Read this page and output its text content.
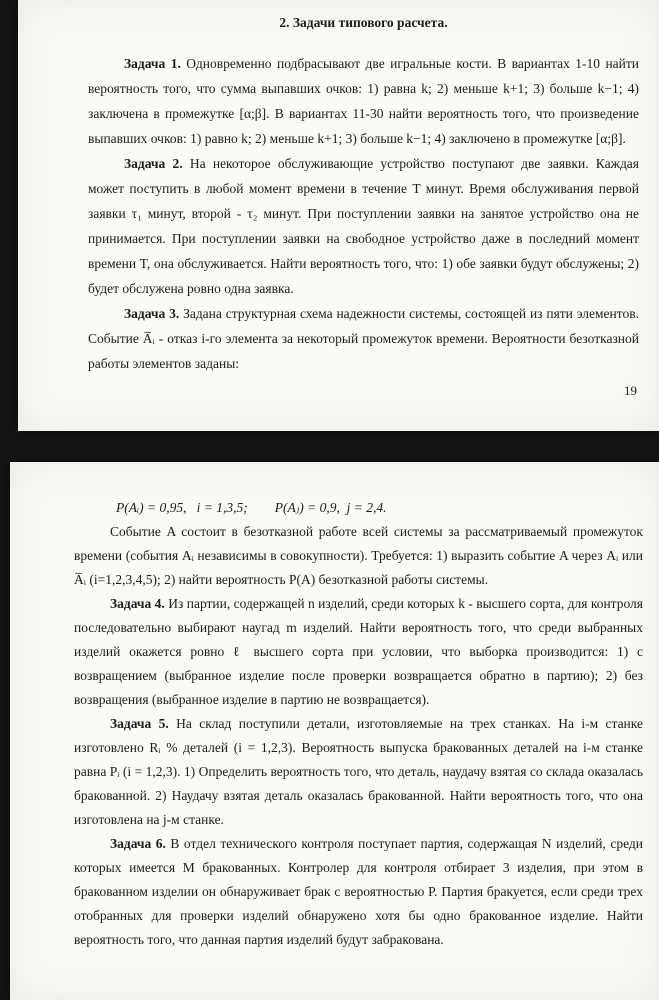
2. Задачи типового расчета.

Задача 1. Одновременно подбрасывают две игральные кости. В вариантах 1-10 найти вероятность того, что сумма выпавших очков: 1) равна k; 2) меньше k+1; 3) больше k−1; 4) заключена в промежутке [α;β]. В вариантах 11-30 найти вероятность того, что произведение выпавших очков: 1) равно k; 2) меньше k+1; 3) больше k−1; 4) заключено в промежутке [α;β].

Задача 2. На некоторое обслуживающие устройство поступают две заявки. Каждая может поступить в любой момент времени в течение T минут. Время обслуживания первой заявки τ₁ минут, второй - τ₂ минут. При поступлении заявки на занятое устройство она не принимается. При поступлении заявки на свободное устройство даже в последний момент времени T, она обслуживается. Найти вероятность того, что: 1) обе заявки будут обслужены; 2) будет обслужена ровно одна заявка.

Задача 3. Задана структурная схема надежности системы, состоящей из пяти элементов. Событие A̅ᵢ - отказ i-го элемента за некоторый промежуток времени. Вероятности безотказной работы элементов заданы:

19
P(Aᵢ) = 0,95,   i = 1,3,5;        P(Aⱼ) = 0,9,  j = 2,4.

Событие A состоит в безотказной работе всей системы за рассматриваемый промежуток времени (события Aᵢ независимы в совокупности). Требуется: 1) выразить событие A через Aᵢ или A̅ᵢ (i=1,2,3,4,5); 2) найти вероятность P(A) безотказной работы системы.

Задача 4. Из партии, содержащей n изделий, среди которых k - высшего сорта, для контроля последовательно выбирают наугад m изделий. Найти вероятность того, что среди выбранных изделий окажется ровно ℓ высшего сорта при условии, что выборка производится: 1) с возвращением (выбранное изделие после проверки возвращается обратно в партию); 2) без возвращения (выбранное изделие в партию не возвращается).

Задача 5. На склад поступили детали, изготовляемые на трех станках. На i-м станке изготовлено Rᵢ % деталей (i = 1,2,3). Вероятность выпуска бракованных деталей на i-м станке равна Pᵢ (i = 1,2,3). 1) Определить вероятность того, что деталь, наудачу взятая со склада оказалась бракованной. 2) Наудачу взятая деталь оказалась бракованной. Найти вероятность того, что она изготовлена на j-м станке.

Задача 6. В отдел технического контроля поступает партия, содержащая N изделий, среди которых имеется M бракованных. Контролер для контроля отбирает 3 изделия, при этом в бракованном изделии он обнаруживает брак с вероятностью P. Партия бракуется, если среди трех отобранных для проверки изделий обнаружено хотя бы одно бракованное изделие. Найти вероятность того, что данная партия изделий будут забракована.
